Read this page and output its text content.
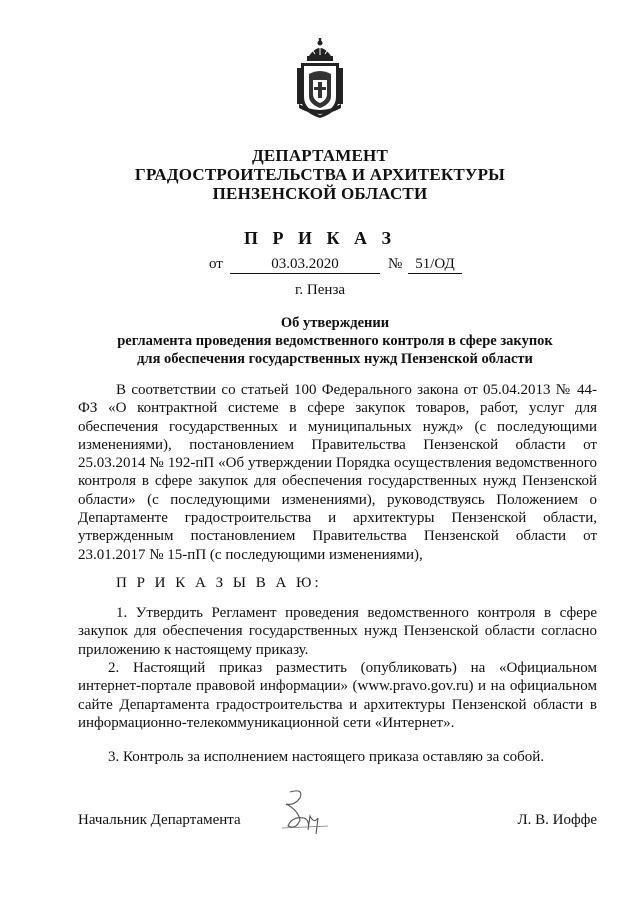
ДЕПАРТАМЕНТ
ГРАДОСТРОИТЕЛЬСТВА И АРХИТЕКТУРЫ
ПЕНЗЕНСКОЙ ОБЛАСТИ
П Р И К А З
от	03.03.2020	№ 51/ОД
г. Пенза
Об утверждении
регламента проведения ведомственного контроля в сфере закупок
для обеспечения государственных нужд Пензенской области
В соответствии со статьей 100 Федерального закона от 05.04.2013 № 44-ФЗ «О контрактной системе в сфере закупок товаров, работ, услуг для обеспечения государственных и муниципальных нужд» (с последующими изменениями), постановлением Правительства Пензенской области от 25.03.2014 № 192-пП «Об утверждении Порядка осуществления ведомственного контроля в сфере закупок для обеспечения государственных нужд Пензенской области» (с последующими изменениями), руководствуясь Положением о Департаменте градостроительства и архитектуры Пензенской области, утвержденным постановлением Правительства Пензенской области от 23.01.2017 № 15-пП (с последующими изменениями),
П Р И К А З Ы В А Ю:
1. Утвердить Регламент проведения ведомственного контроля в сфере закупок для обеспечения государственных нужд Пензенской области согласно приложению к настоящему приказу.
2. Настоящий приказ разместить (опубликовать) на «Официальном интернет-портале правовой информации» (www.pravo.gov.ru) и на официальном сайте Департамента градостроительства и архитектуры Пензенской области в информационно-телекоммуникационной сети «Интернет».
3. Контроль за исполнением настоящего приказа оставляю за собой.
Начальник Департамента	Л. В. Иоффе
